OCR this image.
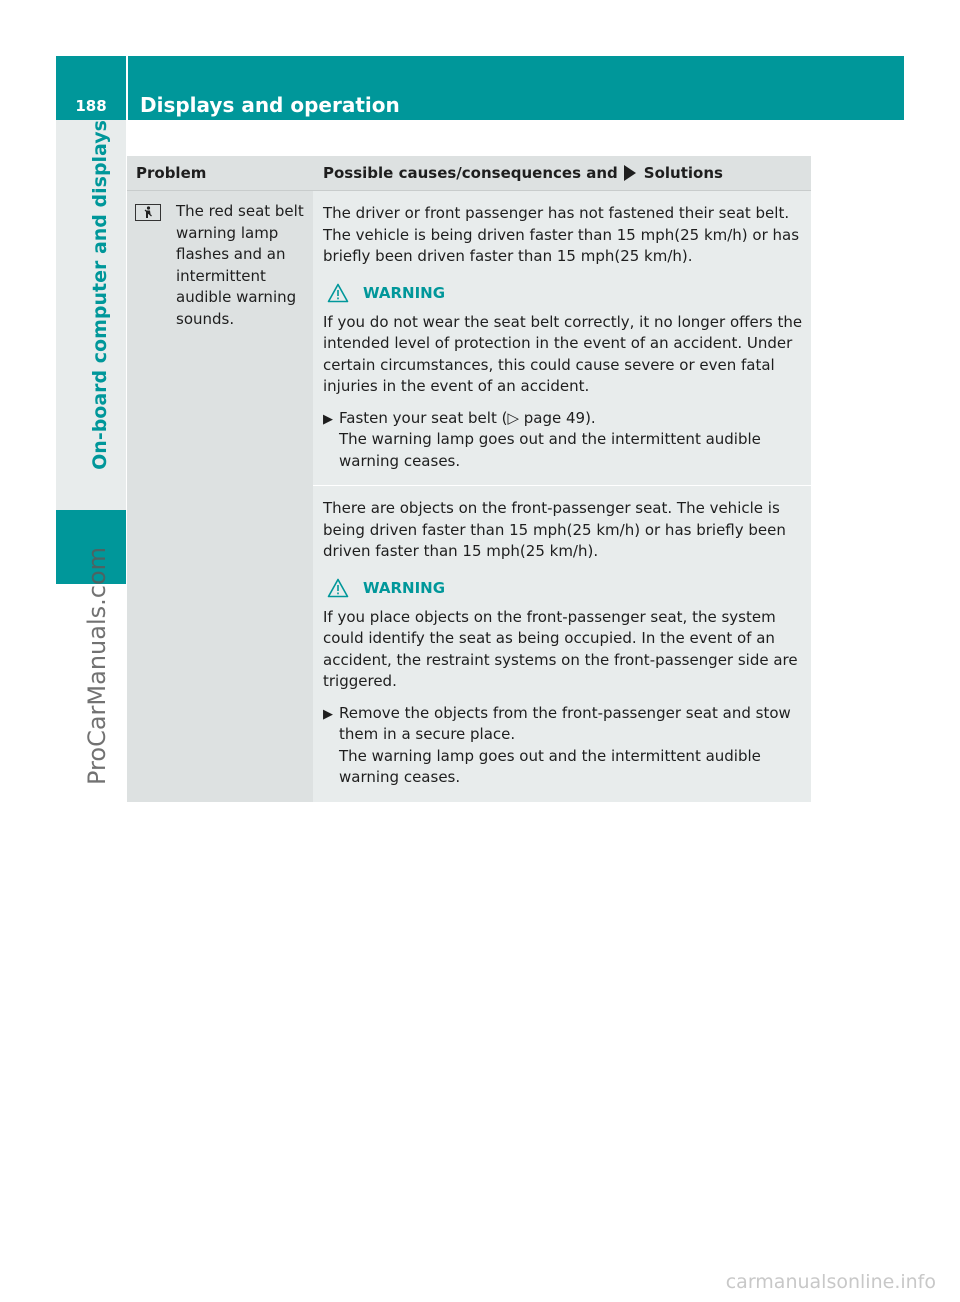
188	Displays and operation
On-board computer and displays
ProCarManuals.com
Problem	Possible causes/consequences and Solutions
The red seat belt
warning lamp
flashes and an
intermittent
audible warning
sounds.

The driver or front passenger has not fastened their seat belt. The vehicle is being driven faster than 15 mph(25 km/h) or has briefly been driven faster than 15 mph(25 km/h).

WARNING

If you do not wear the seat belt correctly, it no longer offers the intended level of protection in the event of an accident. Under certain circumstances, this could cause severe or even fatal injuries in the event of an accident.

▶ Fasten your seat belt (▷ page 49).
The warning lamp goes out and the intermittent audible warning ceases.

There are objects on the front-passenger seat. The vehicle is being driven faster than 15 mph(25 km/h) or has briefly been driven faster than 15 mph(25 km/h).

WARNING

If you place objects on the front-passenger seat, the system could identify the seat as being occupied. In the event of an accident, the restraint systems on the front-passenger side are triggered.

▶ Remove the objects from the front-passenger seat and stow them in a secure place.
The warning lamp goes out and the intermittent audible warning ceases.
carmanualsonline.info
